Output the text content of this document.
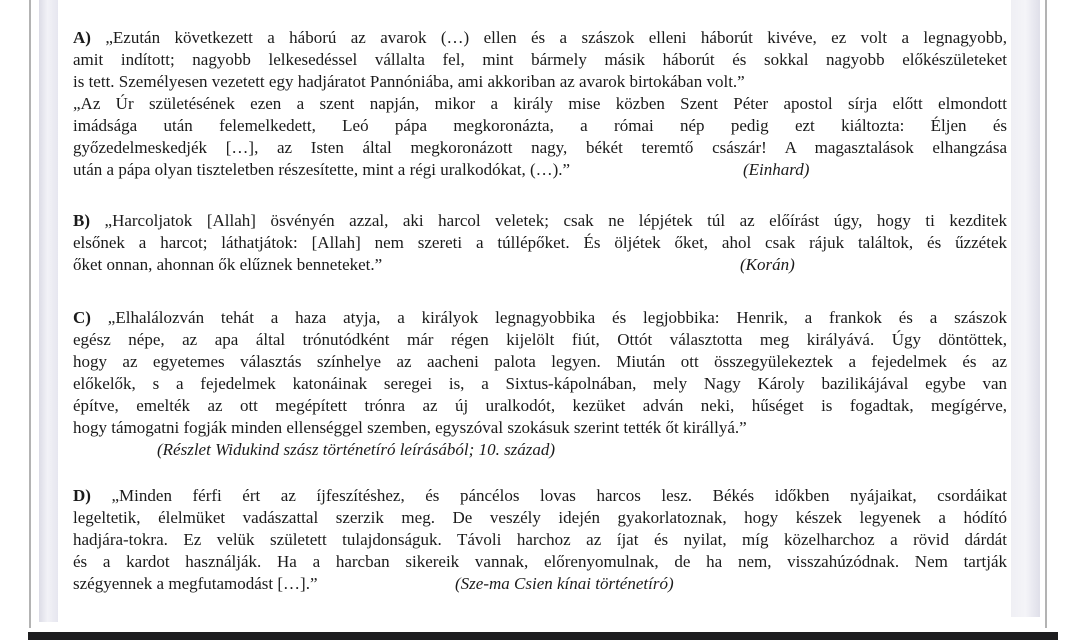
A) „Ezután következett a háború az avarok (…) ellen és a szászok elleni háborút kivéve, ez volt a legnagyobb,
amit indított; nagyobb lelkesedéssel vállalta fel, mint bármely másik háborút és sokkal nagyobb előkészületeket
is tett. Személyesen vezetett egy hadjáratot Pannóniába, ami akkoriban az avarok birtokában volt.”
„Az Úr születésének ezen a szent napján, mikor a király mise közben Szent Péter apostol sírja előtt elmondott
imádsága után felemelkedett, Leó pápa megkoronázta, a római nép pedig ezt kiáltozta: Éljen és
győzedelmeskedjék […], az Isten által megkoronázott nagy, békét teremtő császár! A magasztalások elhangzása
után a pápa olyan tiszteletben részesítette, mint a régi uralkodókat, (…).”	(Einhard)
B) „Harcoljatok [Allah] ösvényén azzal, aki harcol veletek; csak ne lépjétek túl az előírást úgy, hogy ti kezditek
elsőnek a harcot; láthatjátok: [Allah] nem szereti a túllépőket. És öljétek őket, ahol csak rájuk találtok, és űzzétek
őket onnan, ahonnan ők elűznek benneteket.”	(Korán)
C) „Elhalálozván tehát a haza atyja, a királyok legnagyobbika és legjobbika: Henrik, a frankok és a szászok
egész népe, az apa által trónutódként már régen kijelölt fiút, Ottót választotta meg királyává. Úgy döntöttek,
hogy az egyetemes választás színhelye az aacheni palota legyen. Miután ott összegyülekeztek a fejedelmek és az
előkelők, s a fejedelmek katonáinak seregei is, a Sixtus-kápolnában, mely Nagy Károly bazilikájával egybe van
építve, emelték az ott megépített trónra az új uralkodót, kezüket adván neki, hűséget is fogadtak, megígérve,
hogy támogatni fogják minden ellenséggel szemben, egyszóval szokásuk szerint tették őt királlyá.”
(Részlet Widukind szász történetíró leírásából; 10. század)
D) „Minden férfi ért az íjfeszítéshez, és páncélos lovas harcos lesz. Békés időkben nyájaikat, csordáikat
legeltetik, élelmüket vadászattal szerzik meg. De veszély idején gyakorlatoznak, hogy készek legyenek a hódító
hadjára-tokra. Ez velük született tulajdonságuk. Távoli harchoz az íjat és nyilat, míg közelharchoz a rövid dárdát
és a kardot használják. Ha a harcban sikereik vannak, előrenyomulnak, de ha nem, visszahúzódnak. Nem tartják
szégyennek a megfutamodást […].”	(Sze-ma Csien kínai történetíró)
